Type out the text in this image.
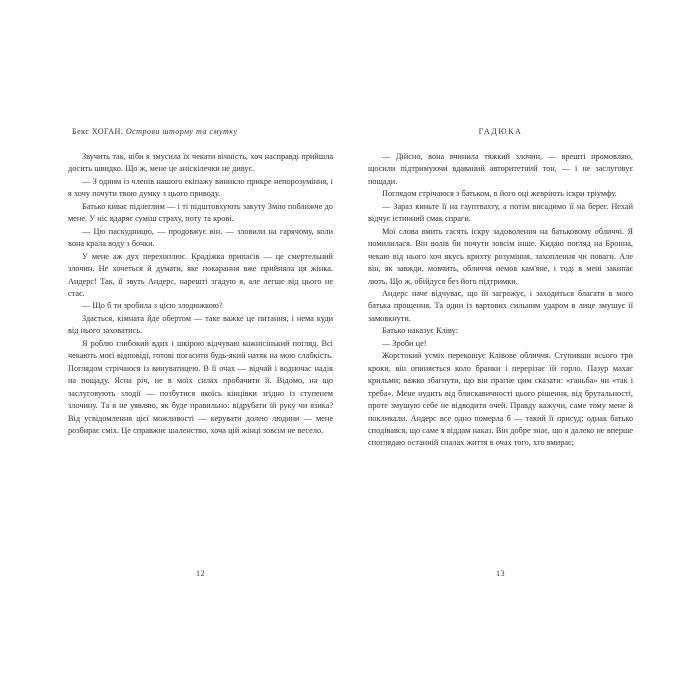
Бекс ХОГАН. Острови шторму та смутку

Звучить так, ніби я змусила їх чекати вічність, хоч насправді прийшла досить швидко. Що ж, мене це аніскілечки не дивує.

— З одним із членів нашого екіпажу виникло прикре непорозуміння, і я хочу почути твою думку з цього приводу.

Батько киває підлеглим — і ті підштовхують закуту Змію поближче до мене. У ніс вдаряє суміш страху, поту та крові.

— Цю паскудницю, — продовжує він. — зловили на гарячому, коли вона крала воду з бочки.

У мене аж дух перехоплює. Крадіжка припасів — це смертельний злочин. Не хочеться й думати, яке покарання вже прийняла ця жінка. Андерс! Так, її звуть Андерс, нарешті згадую я, але легше від цього не стає.

— Що б ти зробила з цією злодюжкою?

Здається, кімната йде обертом — таке важке це питання, і нема куди від нього заховатись.

Я роблю глибокий вдих і шкірою відчуваю кожнісінький погляд. Всі чекають моєї відповіді, готові погасити будь-який натяк на мою слабкість. Поглядом стрічаюся із винуватицею. В її очах — відчай і водночас надія на пощаду. Ясна річ, не в моїх силах пробачити її. Відомо, на що заслуговують злодії — позбутися якоїсь кінцівки згідно із ступенем злочину. Та я не уявляю, як буде правильно: відрубати їй руку чи язика? Від усвідомлення цієї можливості — керувати долею людини — мене розбирає сміх. Це справжнє шаленство, хоча цій жінці зовсім не весело.

12
ГАДЮКА

— Дійсно, вона вчинила тяжкий злочин, — врешті промовляю, щосили підтримуючи вдаваний авторитетний тон, — і не заслуговує пощади.

Поглядом стрічаюся з батьком, в його оці жевріють іскри тріумфу.

— Зараз киньте її на гауптвахту, а потім висадимо її на берег. Нехай відчує істинний смак спраги.

Мої слова вмить гасять іскру задоволення на батьковому обличчі. Я помилилася. Він волів би почути зовсім інше. Кидаю погляд на Бронна, чекаю від нього хоч якусь крихту розуміння, захоплення чи поваги. Але він, як завжди, мовчить, обличчя немов кам'яне, і тоді в мені закипає лють. Що ж, обійдуся без його підтримки.

Андерс наче відчуває, що їй загрожує, і заходиться благати в мого батька прощення. Та один із вартових сильним ударом в лице змушує її замовкнути.

Батько наказує Кліву:

— Зроби це!

Жорстокий усміх перекошує Клівове обличчя. Ступивши всього три кроки, він опиняється коло бранки і перерізає їй горло. Пазур махає крильми; важко збагнути, що він прагне цим сказати: «ганьба» чи «так і треба». Мене нудить від блискавичності цього рішення, від брутальності, проте змушую себе не відводити очей. Правду кажучи, саме тому мене й покликали. Андерс все одно померла б — такий її присуд; однак батько сподівався, що саме я віддам наказ. Він добре знає, що я далеко не вперше споглядаю останній спалах життя в очах того, хто вмирає;

13
